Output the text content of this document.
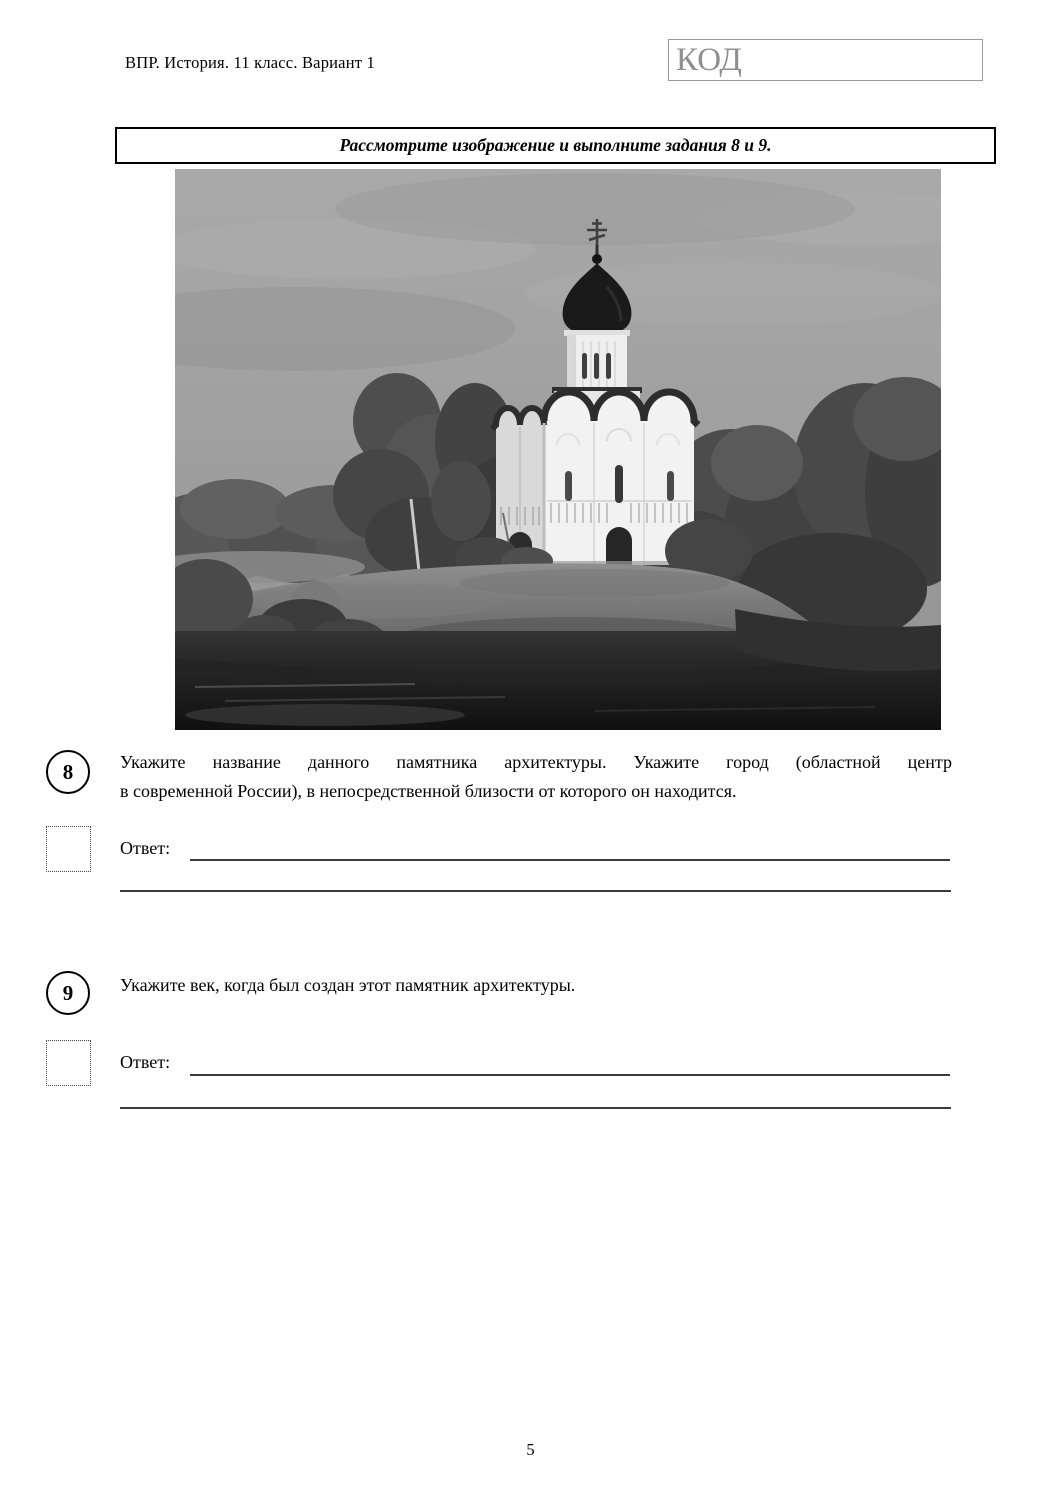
ВПР. История. 11 класс. Вариант 1	КОД
Рассмотрите изображение и выполните задания 8 и 9.
8	Укажите название данного памятника архитектуры. Укажите город (областной центр
в современной России), в непосредственной близости от которого он находится.
Ответ:
9	Укажите век, когда был создан этот памятник архитектуры.
Ответ:
5
